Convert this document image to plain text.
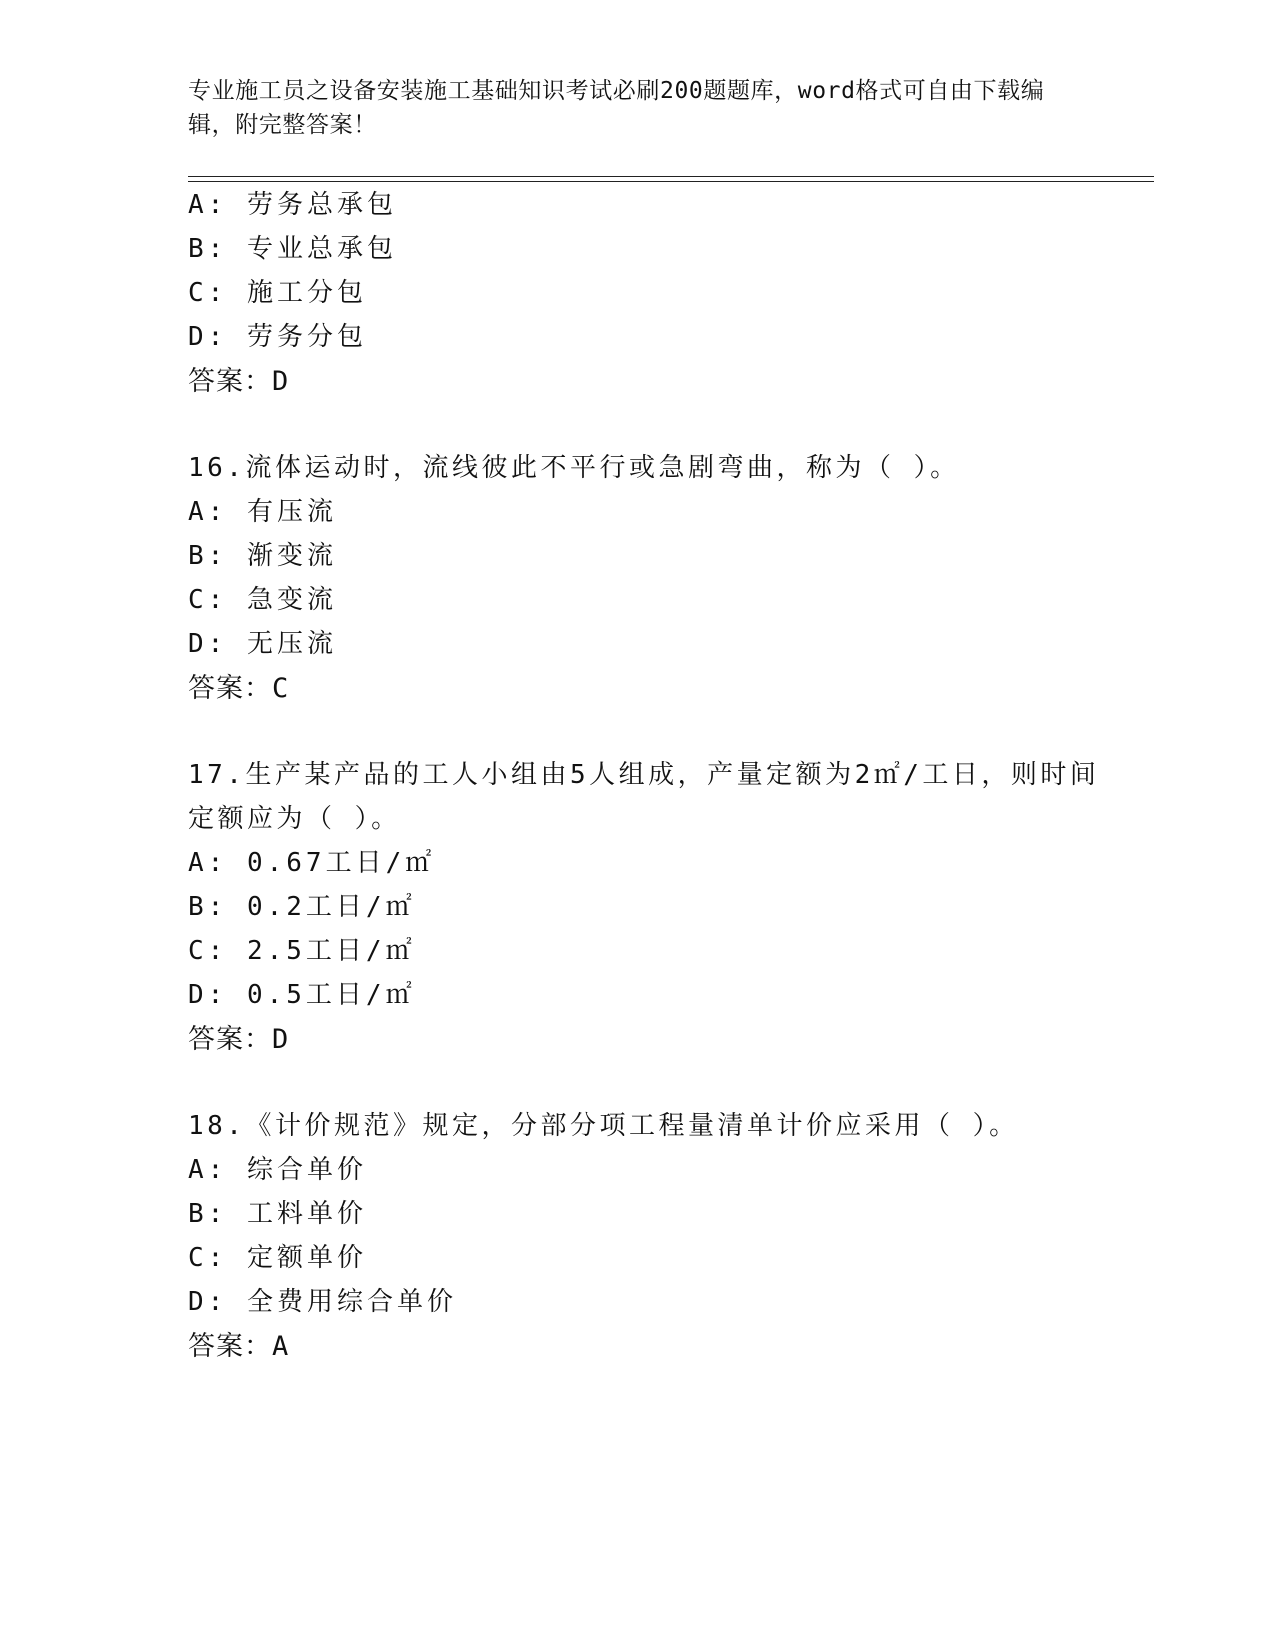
专业施工员之设备安装施工基础知识考试必刷200题题库，word格式可自由下载编辑，附完整答案！
A: 劳务总承包
B: 专业总承包
C: 施工分包
D: 劳务分包
答案：D
16.流体运动时，流线彼此不平行或急剧弯曲，称为（ ）。
A: 有压流
B: 渐变流
C: 急变流
D: 无压流
答案：C
17.生产某产品的工人小组由5人组成，产量定额为2㎡/工日，则时间
定额应为（ ）。
A: 0.67工日/㎡
B: 0.2工日/㎡
C: 2.5工日/㎡
D: 0.5工日/㎡
答案：D
18.《计价规范》规定，分部分项工程量清单计价应采用（ ）。
A: 综合单价
B: 工料单价
C: 定额单价
D: 全费用综合单价
答案：A
